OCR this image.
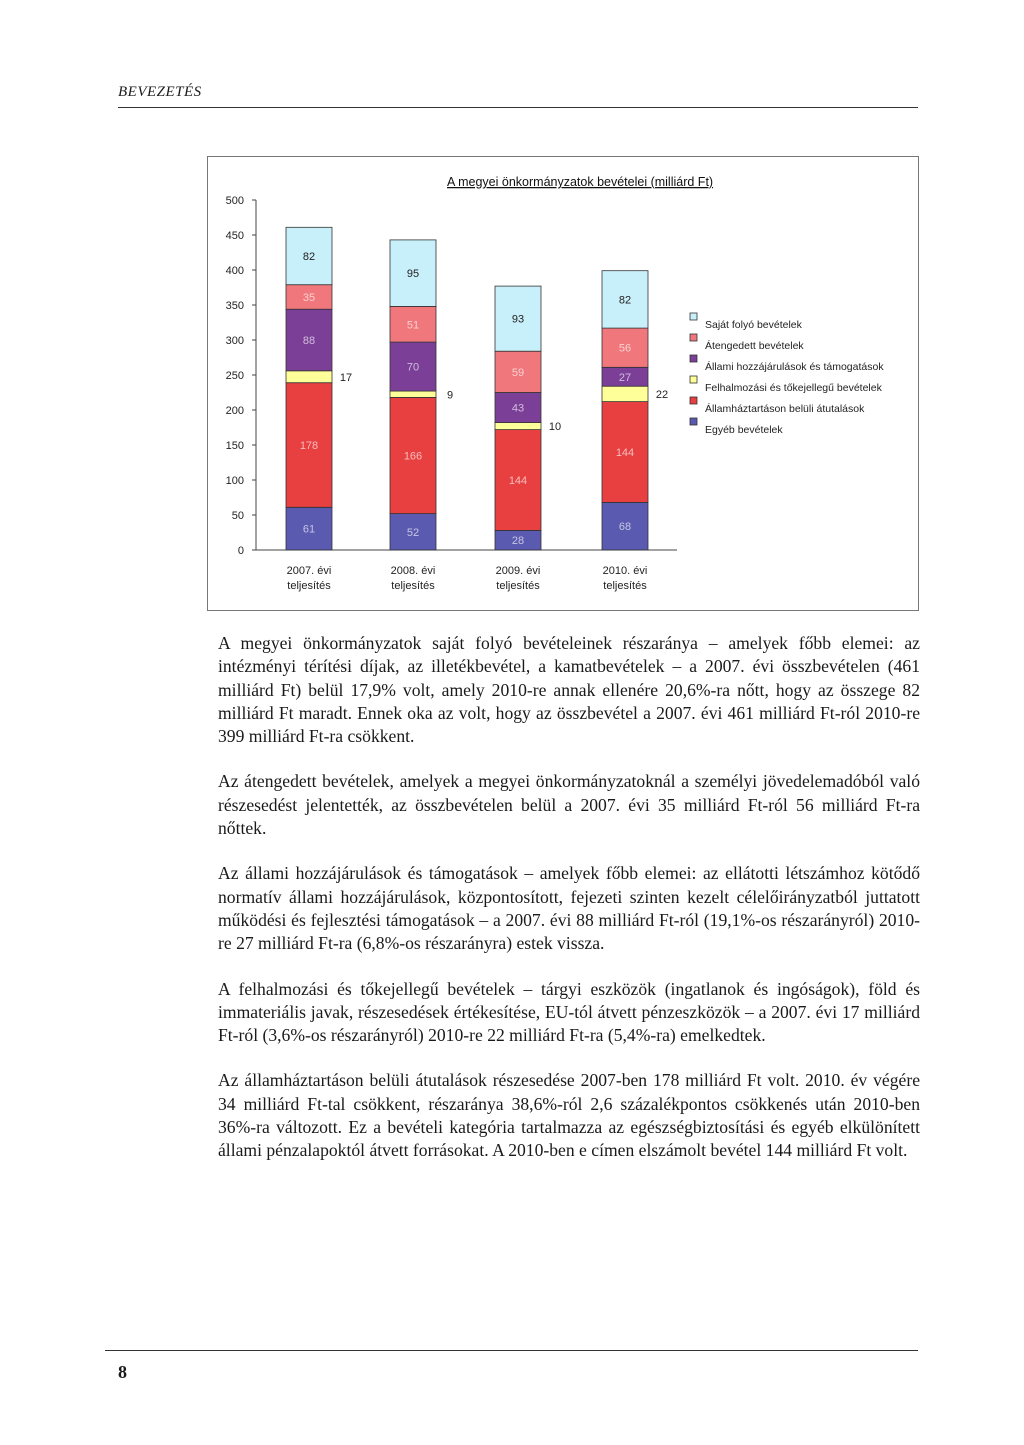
BEVEZETÉS
A megyei önkormányzatok bevételei (milliárd Ft)
0
50
100
150
200
250
300
350
400
450
500
61
178
17
88
35
82
52
166
9
70
51
95
28
144
10
43
59
93
68
144
22
27
56
82
2007. évi
teljesítés
2008. évi
teljesítés
2009. évi
teljesítés
2010. évi
teljesítés
Saját folyó bevételek
Átengedett bevételek
Állami hozzájárulások és támogatások
Felhalmozási és tőkejellegű bevételek
Államháztartáson belüli átutalások
Egyéb bevételek

A megyei önkormányzatok saját folyó bevételeinek részaránya – amelyek főbb elemei: az intézményi térítési díjak, az illetékbevétel, a kamatbevételek – a 2007. évi összbevételen (461 milliárd Ft) belül 17,9% volt, amely 2010-re annak ellenére 20,6%-ra nőtt, hogy az összege 82 milliárd Ft maradt. Ennek oka az volt, hogy az összbevétel a 2007. évi 461 milliárd Ft-ról 2010-re 399 milliárd Ft-ra csökkent.

Az átengedett bevételek, amelyek a megyei önkormányzatoknál a személyi jövedelemadóból való részesedést jelentették, az összbevételen belül a 2007. évi 35 milliárd Ft-ról 56 milliárd Ft-ra nőttek.

Az állami hozzájárulások és támogatások – amelyek főbb elemei: az ellátotti létszámhoz kötődő normatív állami hozzájárulások, központosított, fejezeti szinten kezelt célelőirányzatból juttatott működési és fejlesztési támogatások – a 2007. évi 88 milliárd Ft-ról (19,1%-os részarányról) 2010-re 27 milliárd Ft-ra (6,8%-os részarányra) estek vissza.

A felhalmozási és tőkejellegű bevételek – tárgyi eszközök (ingatlanok és ingóságok), föld és immateriális javak, részesedések értékesítése, EU-tól átvett pénzeszközök – a 2007. évi 17 milliárd Ft-ról (3,6%-os részarányról) 2010-re 22 milliárd Ft-ra (5,4%-ra) emelkedtek.

Az államháztartáson belüli átutalások részesedése 2007-ben 178 milliárd Ft volt. 2010. év végére 34 milliárd Ft-tal csökkent, részaránya 38,6%-ról 2,6 százalékpontos csökkenés után 2010-ben 36%-ra változott. Ez a bevételi kategória tartalmazza az egészségbiztosítási és egyéb elkülönített állami pénzalapoktól átvett forrásokat. A 2010-ben e címen elszámolt bevétel 144 milliárd Ft volt.

8
